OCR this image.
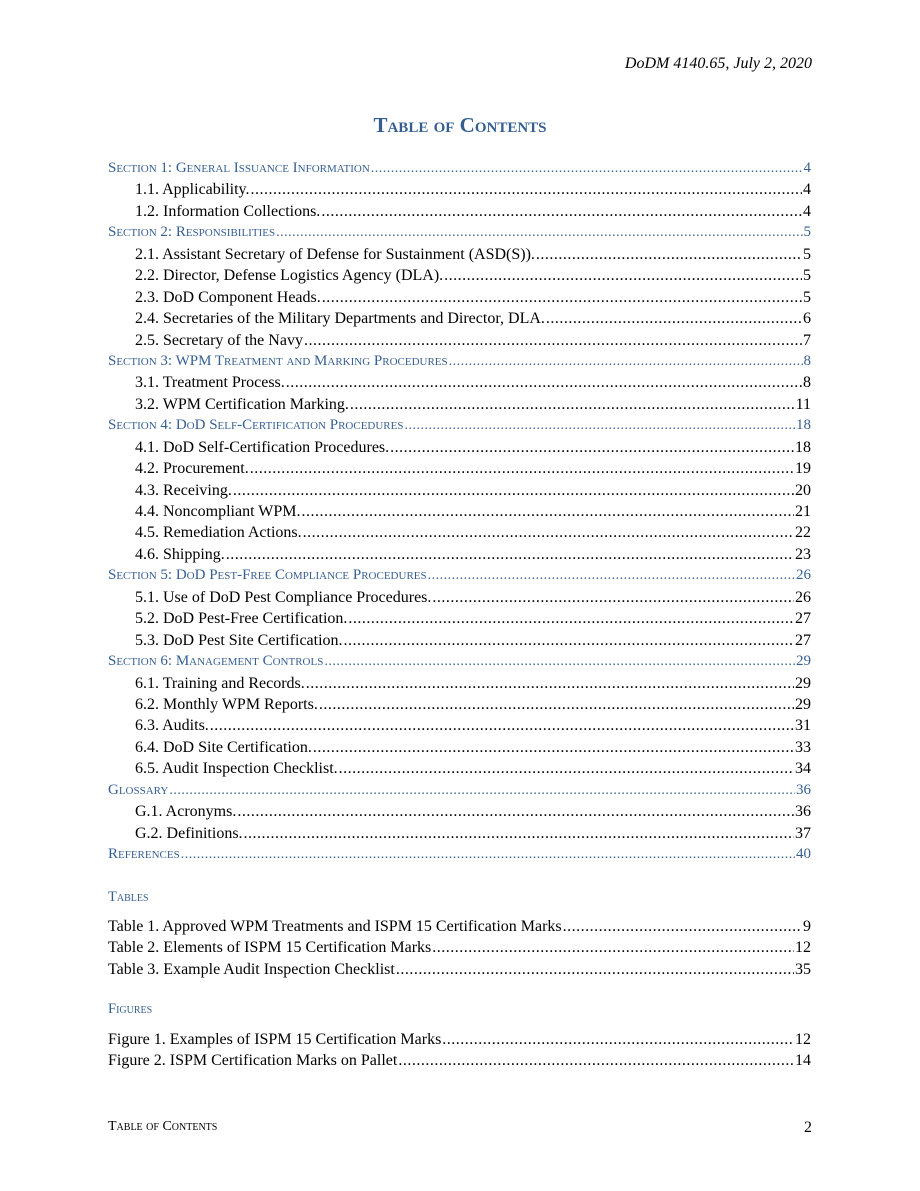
DoDM 4140.65, July 2, 2020
Table of Contents
Section 1: General Issuance Information .....	4
1.1. Applicability. .....	4
1.2. Information Collections. .....	4
Section 2: Responsibilities .....	5
2.1. Assistant Secretary of Defense for Sustainment (ASD(S)). .....	5
2.2. Director, Defense Logistics Agency (DLA). .....	5
2.3. DoD Component Heads. .....	5
2.4. Secretaries of the Military Departments and Director, DLA. .....	6
2.5. Secretary of the Navy .....	7
Section 3: WPM Treatment and Marking Procedures .....	8
3.1. Treatment Process. .....	8
3.2. WPM Certification Marking. .....	11
Section 4: DoD Self-Certification Procedures .....	18
4.1. DoD Self-Certification Procedures. .....	18
4.2. Procurement. .....	19
4.3. Receiving. .....	20
4.4. Noncompliant WPM. .....	21
4.5. Remediation Actions. .....	22
4.6. Shipping. .....	23
Section 5: DoD Pest-Free Compliance Procedures .....	26
5.1. Use of DoD Pest Compliance Procedures. .....	26
5.2. DoD Pest-Free Certification. .....	27
5.3. DoD Pest Site Certification. .....	27
Section 6: Management Controls .....	29
6.1. Training and Records. .....	29
6.2. Monthly WPM Reports. .....	29
6.3. Audits. .....	31
6.4. DoD Site Certification. .....	33
6.5. Audit Inspection Checklist. .....	34
Glossary .....	36
G.1. Acronyms. .....	36
G.2. Definitions. .....	37
References .....	40
Tables
Table 1. Approved WPM Treatments and ISPM 15 Certification Marks .....	9
Table 2. Elements of ISPM 15 Certification Marks .....	12
Table 3. Example Audit Inspection Checklist .....	35
Figures
Figure 1. Examples of ISPM 15 Certification Marks .....	12
Figure 2. ISPM Certification Marks on Pallet .....	14
Table of Contents	2
